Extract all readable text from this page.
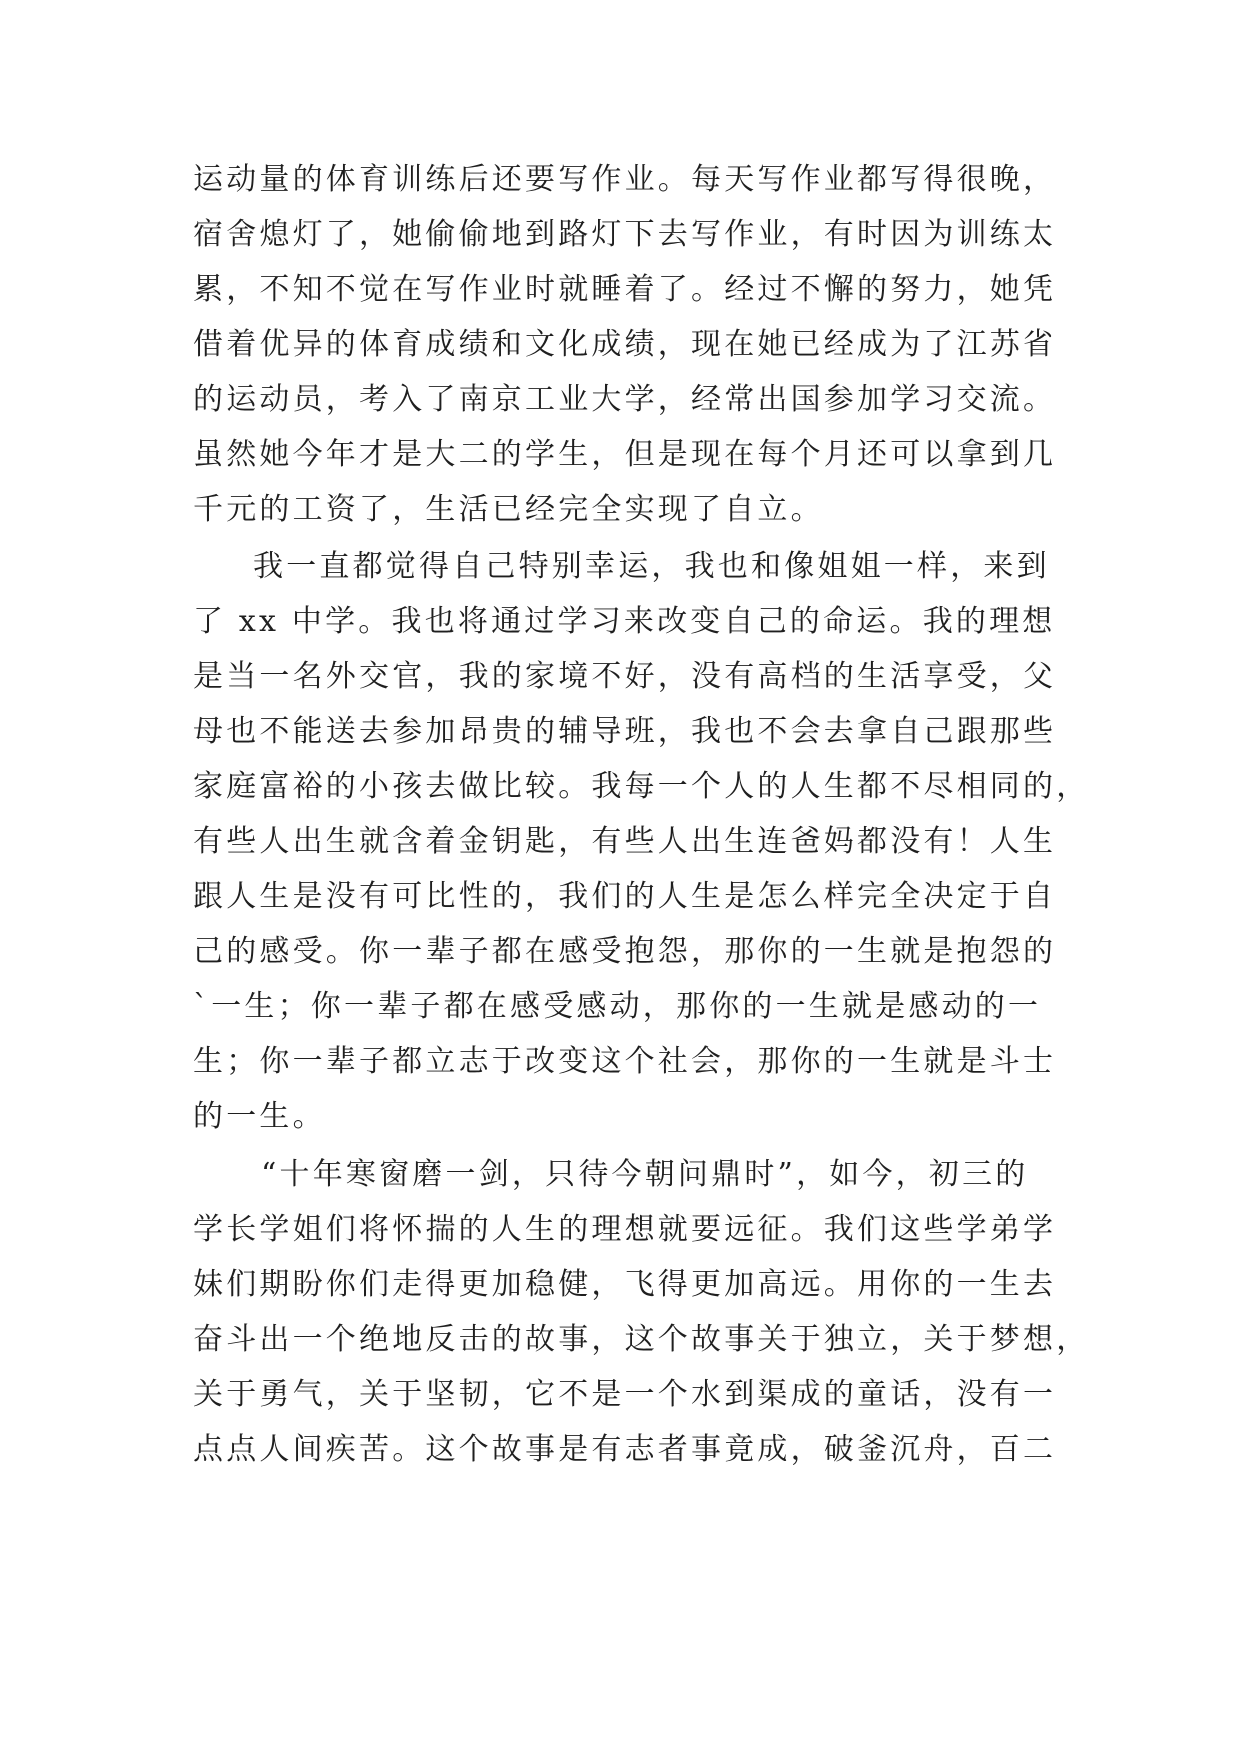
运动量的体育训练后还要写作业。每天写作业都写得很晚，
宿舍熄灯了，她偷偷地到路灯下去写作业，有时因为训练太
累，不知不觉在写作业时就睡着了。经过不懈的努力，她凭
借着优异的体育成绩和文化成绩，现在她已经成为了江苏省
的运动员，考入了南京工业大学，经常出国参加学习交流。
虽然她今年才是大二的学生，但是现在每个月还可以拿到几
千元的工资了，生活已经完全实现了自立。
我一直都觉得自己特别幸运，我也和像姐姐一样，来到
了 xx 中学。我也将通过学习来改变自己的命运。我的理想
是当一名外交官，我的家境不好，没有高档的生活享受，父
母也不能送去参加昂贵的辅导班，我也不会去拿自己跟那些
家庭富裕的小孩去做比较。我每一个人的人生都不尽相同的，
有些人出生就含着金钥匙，有些人出生连爸妈都没有！人生
跟人生是没有可比性的，我们的人生是怎么样完全决定于自
己的感受。你一辈子都在感受抱怨，那你的一生就是抱怨的
`一生；你一辈子都在感受感动，那你的一生就是感动的一
生；你一辈子都立志于改变这个社会，那你的一生就是斗士
的一生。
“十年寒窗磨一剑，只待今朝问鼎时”，如今，初三的
学长学姐们将怀揣的人生的理想就要远征。我们这些学弟学
妹们期盼你们走得更加稳健，飞得更加高远。用你的一生去
奋斗出一个绝地反击的故事，这个故事关于独立，关于梦想，
关于勇气，关于坚韧，它不是一个水到渠成的童话，没有一
点点人间疾苦。这个故事是有志者事竟成，破釜沉舟，百二
